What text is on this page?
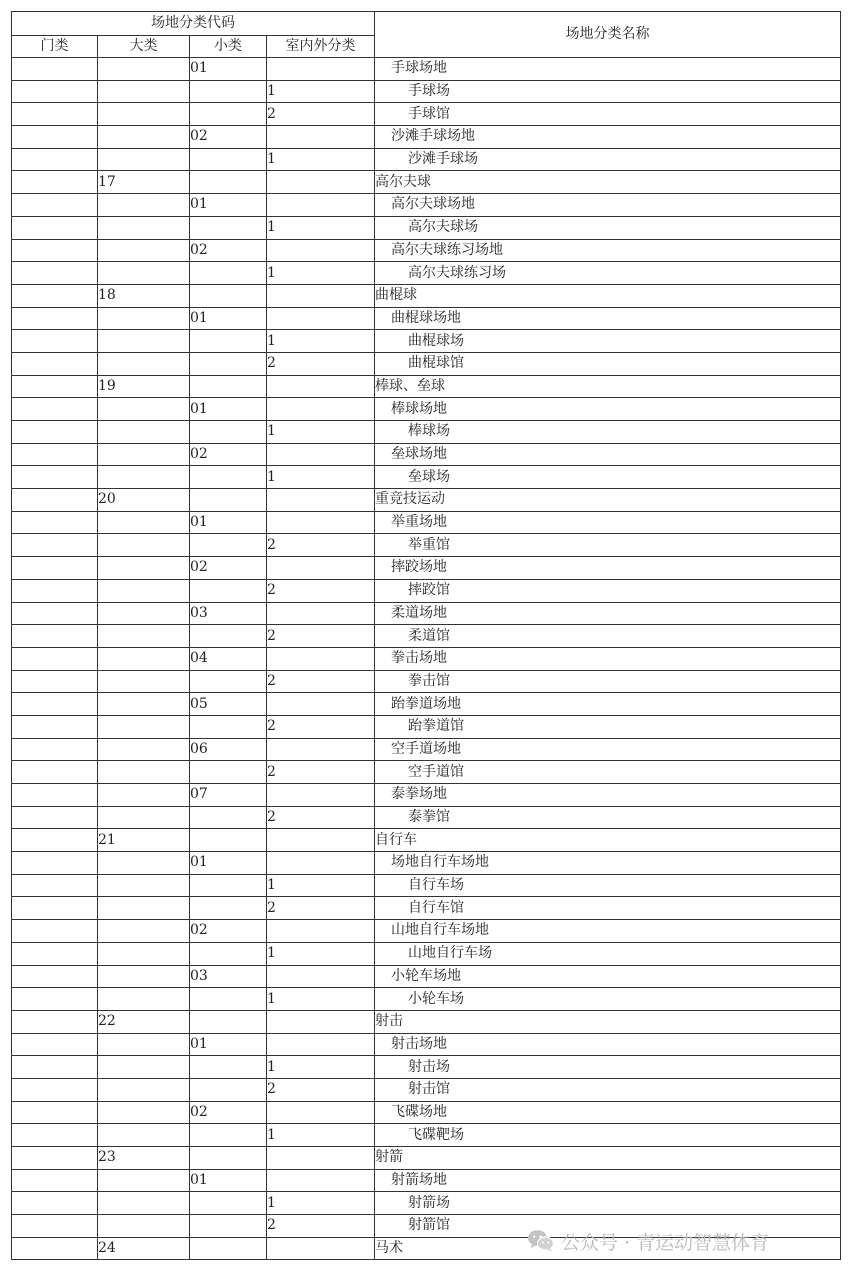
场地分类代码				场地分类名称
门类	大类	小类	室内外分类	
		01		手球场地
			1	手球场
			2	手球馆
		02		沙滩手球场地
			1	沙滩手球场
	17			高尔夫球
		01		高尔夫球场地
			1	高尔夫球场
		02		高尔夫球练习场地
			1	高尔夫球练习场
	18			曲棍球
		01		曲棍球场地
			1	曲棍球场
			2	曲棍球馆
	19			棒球、垒球
		01		棒球场地
			1	棒球场
		02		垒球场地
			1	垒球场
	20			重竞技运动
		01		举重场地
			2	举重馆
		02		摔跤场地
			2	摔跤馆
		03		柔道场地
			2	柔道馆
		04		拳击场地
			2	拳击馆
		05		跆拳道场地
			2	跆拳道馆
		06		空手道场地
			2	空手道馆
		07		泰拳场地
			2	泰拳馆
	21			自行车
		01		场地自行车场地
			1	自行车场
			2	自行车馆
		02		山地自行车场地
			1	山地自行车场
		03		小轮车场地
			1	小轮车场
	22			射击
		01		射击场地
			1	射击场
			2	射击馆
		02		飞碟场地
			1	飞碟靶场
	23			射箭
		01		射箭场地
			1	射箭场
			2	射箭馆
	24			马术	公众号 · 青运动智慧体育
